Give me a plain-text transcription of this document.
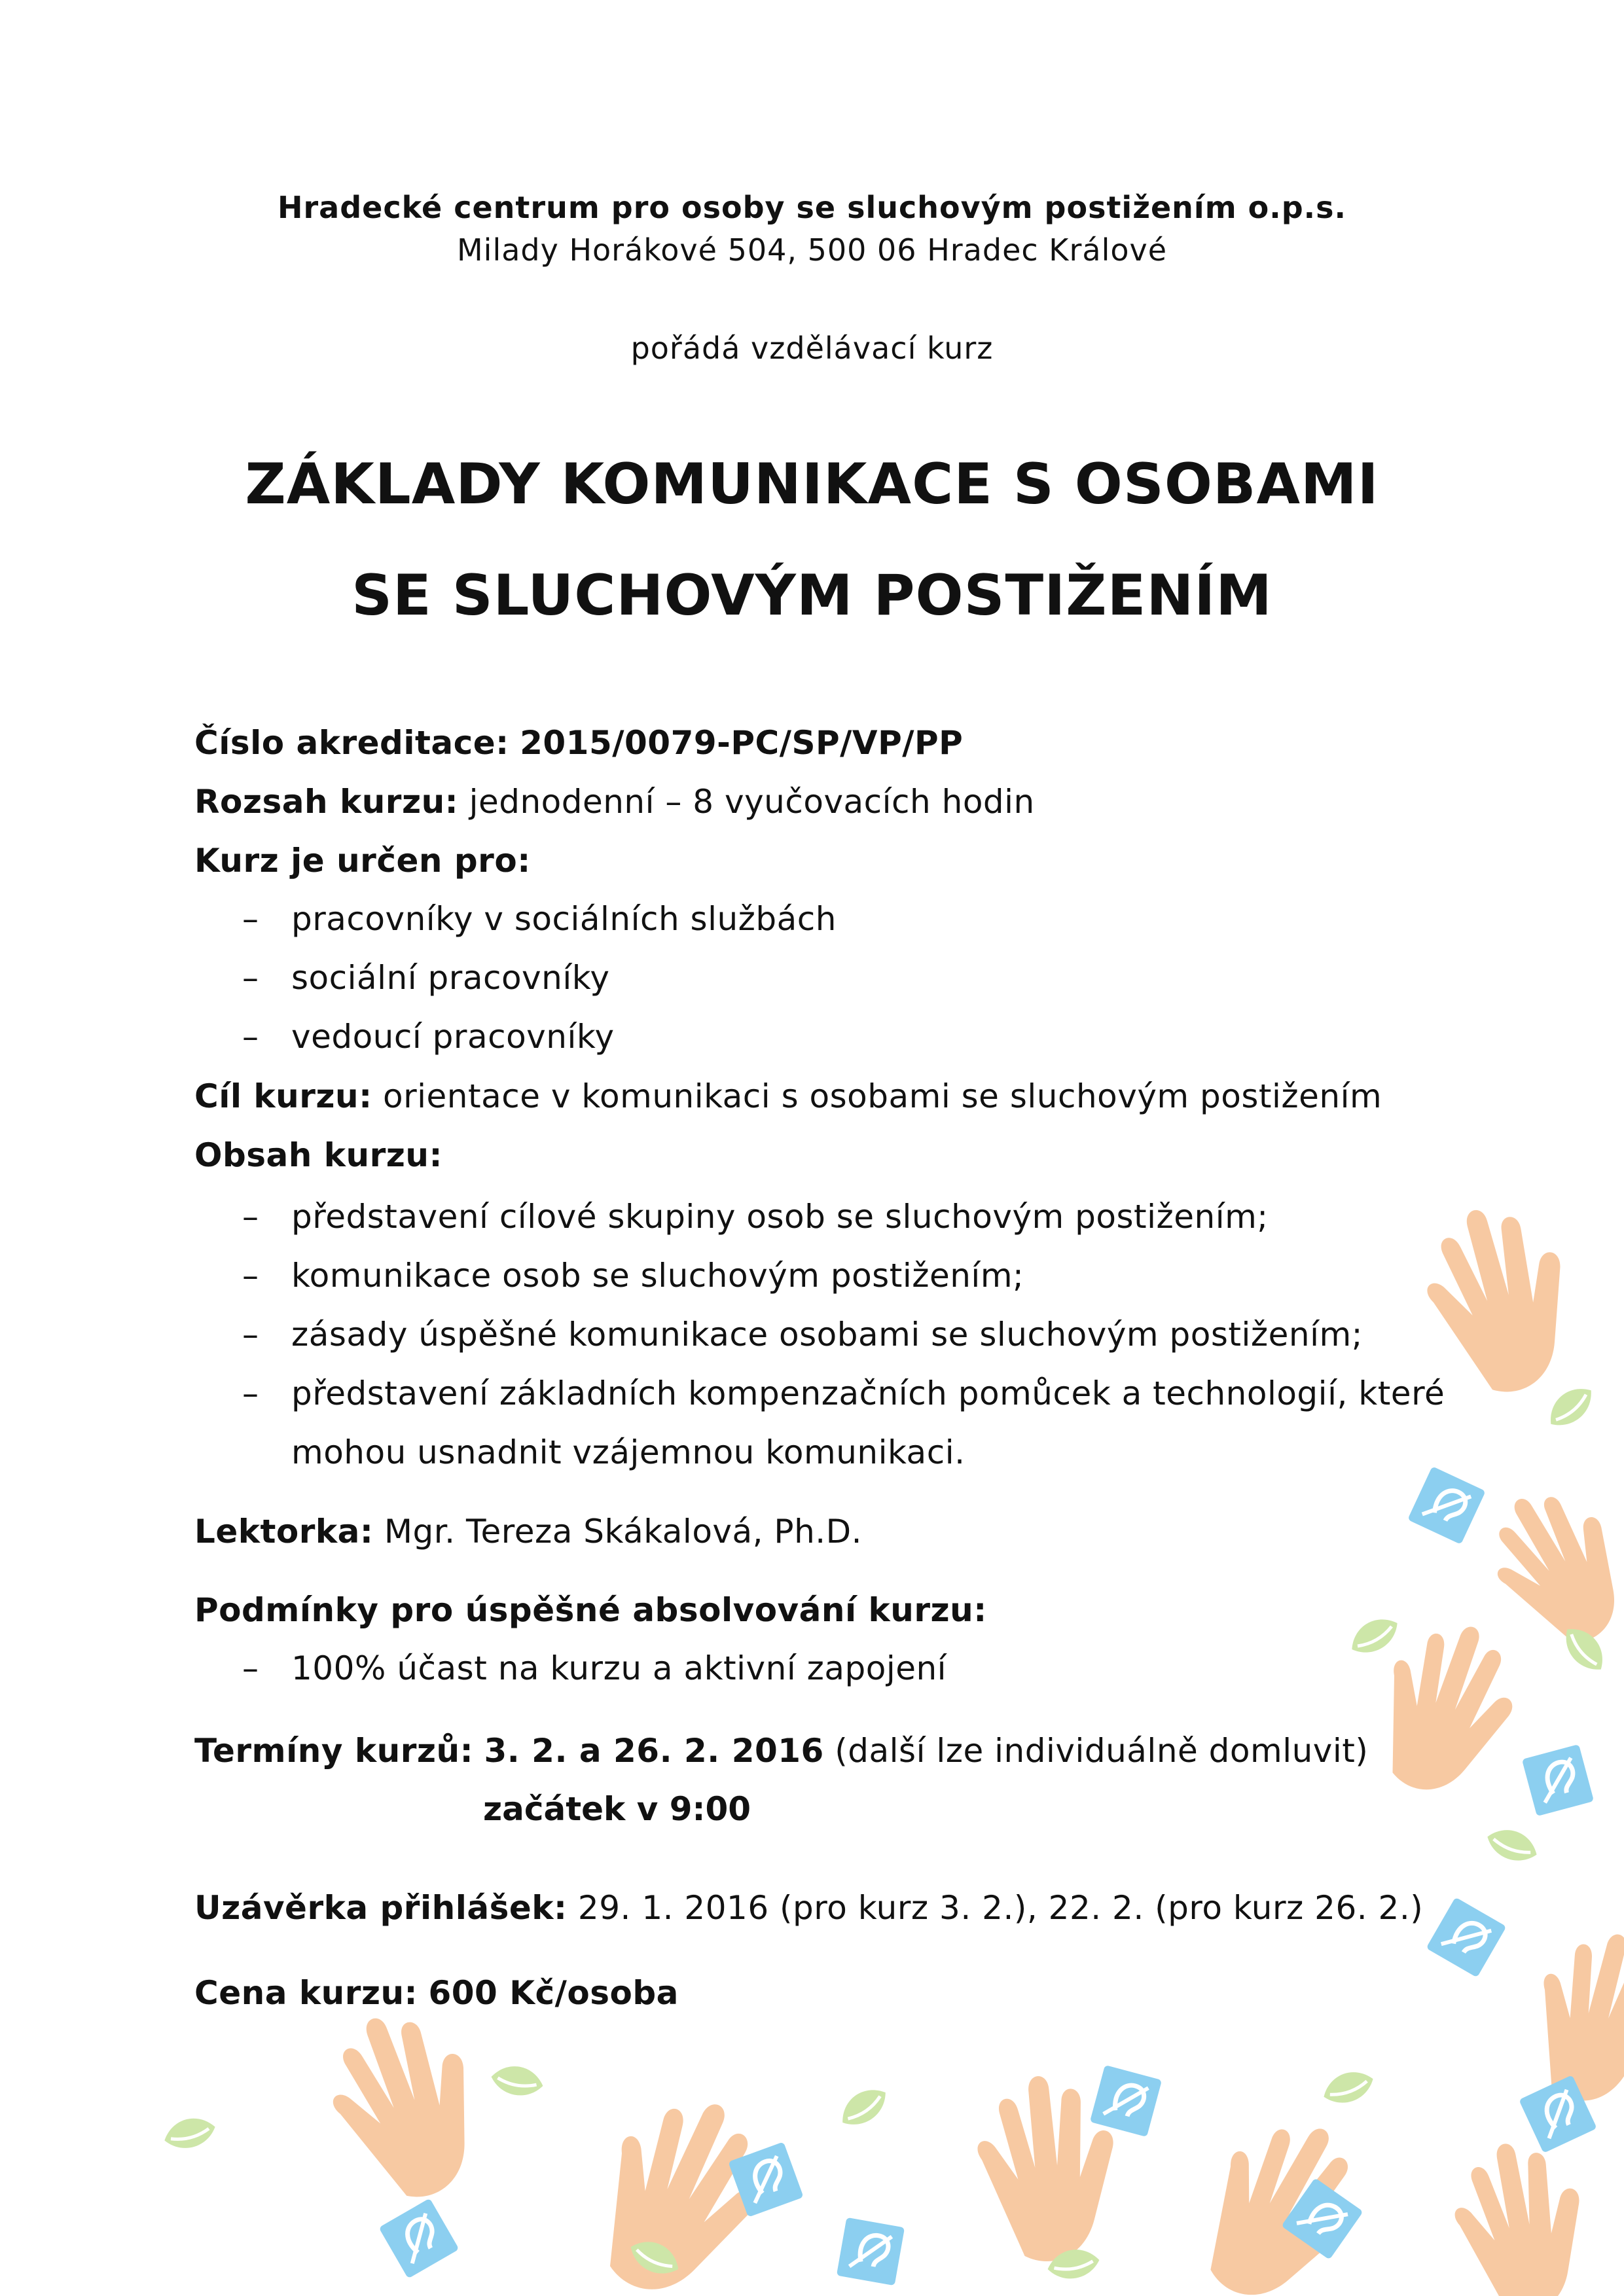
Hradecké centrum pro osoby se sluchovým postižením o.p.s.
Milady Horákové 504, 500 06 Hradec Králové
pořádá vzdělávací kurz
ZÁKLADY KOMUNIKACE S OSOBAMI
SE SLUCHOVÝM POSTIŽENÍM
Číslo akreditace: 2015/0079-PC/SP/VP/PP
Rozsah kurzu: jednodenní – 8 vyučovacích hodin
Kurz je určen pro:
– pracovníky v sociálních službách
– sociální pracovníky
– vedoucí pracovníky
Cíl kurzu: orientace v komunikaci s osobami se sluchovým postižením
Obsah kurzu:
– představení cílové skupiny osob se sluchovým postižením;
– komunikace osob se sluchovým postižením;
– zásady úspěšné komunikace osobami se sluchovým postižením;
– představení základních kompenzačních pomůcek a technologií, které
mohou usnadnit vzájemnou komunikaci.
Lektorka: Mgr. Tereza Skákalová, Ph.D.
Podmínky pro úspěšné absolvování kurzu:
– 100% účast na kurzu a aktivní zapojení
Termíny kurzů: 3. 2. a 26. 2. 2016 (další lze individuálně domluvit)
začátek v 9:00
Uzávěrka přihlášek: 29. 1. 2016 (pro kurz 3. 2.), 22. 2. (pro kurz 26. 2.)
Cena kurzu: 600 Kč/osoba
